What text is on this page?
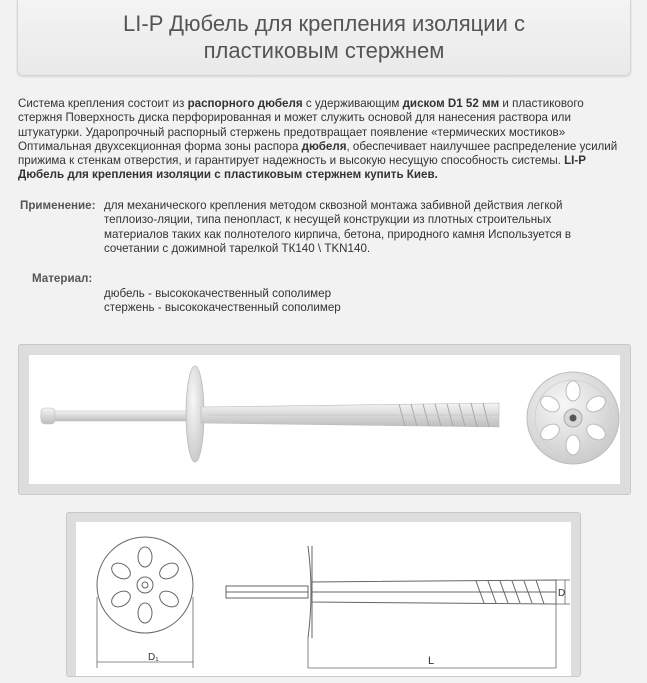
LI-P Дюбель для крепления изоляции с
пластиковым стержнем
Система крепления состоит из распорного дюбеля с удерживающим диском D1 52 мм и пластикового стержня Поверхность диска перфорированная и может служить основой для нанесения раствора или штукатурки. Ударопрочный распорный стержень предотвращает появление «термических мостиков» Оптимальная двухсекционная форма зоны распора дюбеля, обеспечивает наилучшее распределение усилий прижима к стенкам отверстия, и гарантирует надежность и высокую несущую способность системы. LI-P Дюбель для крепления изоляции с пластиковым стержнем купить Киев.
Применение: для механического крепления методом сквозной монтажа забивной действия легкой
теплоизо-ляции, типа пенопласт, к несущей конструкции из плотных строительных
материалов таких как полнотелого кирпича, бетона, природного камня Используется в
сочетании с дожимной тарелкой ТК140 \ TKN140.
Материал:
дюбель - высококачественный сополимер
стержень - высококачественный сополимер
D₁	L
D
